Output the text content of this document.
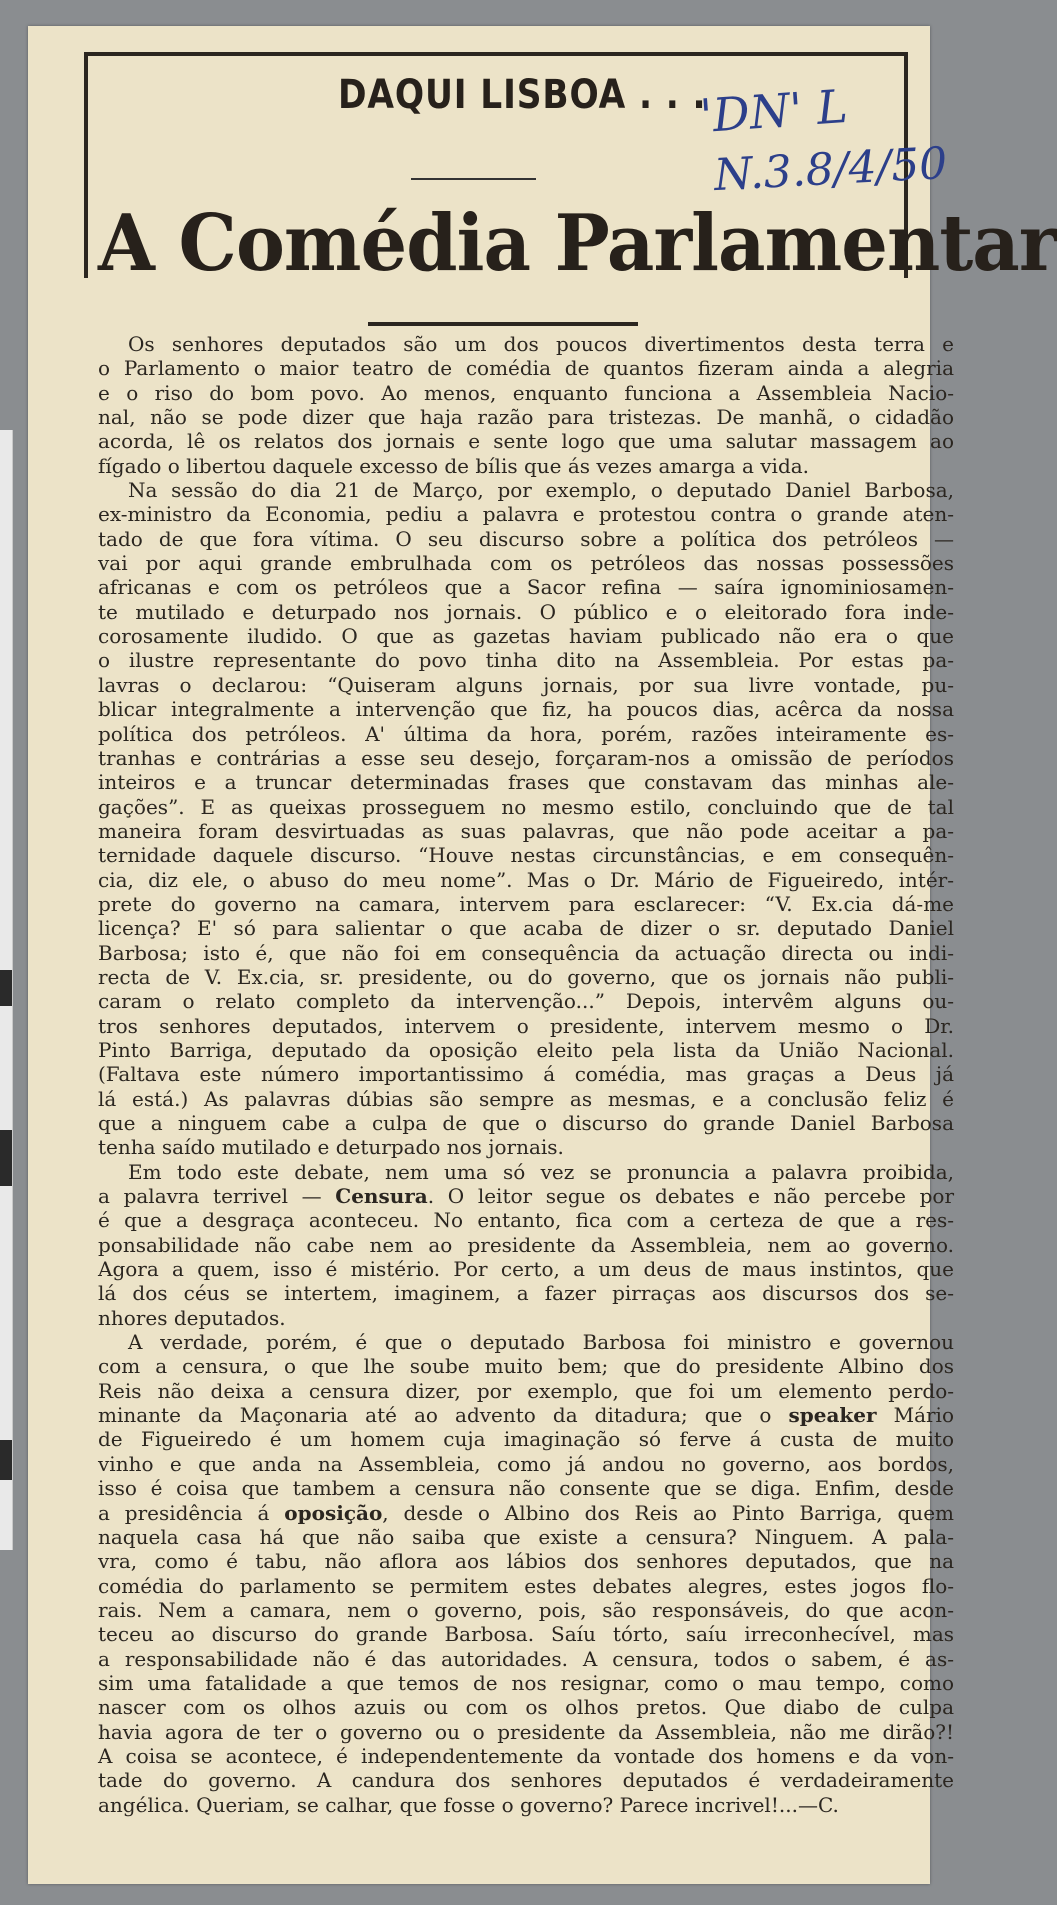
DAQUI LISBOA . . .
'DN' L
N.3.8/4/50
A Comédia Parlamentar

Os senhores deputados são um dos poucos divertimentos desta terra e
o Parlamento o maior teatro de comédia de quantos fizeram ainda a alegria
e o riso do bom povo. Ao menos, enquanto funciona a Assembleia Nacio-
nal, não se pode dizer que haja razão para tristezas. De manhã, o cidadão
acorda, lê os relatos dos jornais e sente logo que uma salutar massagem ao
fígado o libertou daquele excesso de bílis que ás vezes amarga a vida.

Na sessão do dia 21 de Março, por exemplo, o deputado Daniel Barbosa,
ex-ministro da Economia, pediu a palavra e protestou contra o grande aten-
tado de que fora vítima. O seu discurso sobre a política dos petróleos —
vai por aqui grande embrulhada com os petróleos das nossas possessões
africanas e com os petróleos que a Sacor refina — saíra ignominiosamen-
te mutilado e deturpado nos jornais. O público e o eleitorado fora inde-
corosamente iludido. O que as gazetas haviam publicado não era o que
o ilustre representante do povo tinha dito na Assembleia. Por estas pa-
lavras o declarou: “Quiseram alguns jornais, por sua livre vontade, pu-
blicar integralmente a intervenção que fiz, ha poucos dias, acêrca da nossa
política dos petróleos. A' última da hora, porém, razões inteiramente es-
tranhas e contrárias a esse seu desejo, forçaram-nos a omissão de períodos
inteiros e a truncar determinadas frases que constavam das minhas ale-
gações”. E as queixas prosseguem no mesmo estilo, concluindo que de tal
maneira foram desvirtuadas as suas palavras, que não pode aceitar a pa-
ternidade daquele discurso. “Houve nestas circunstâncias, e em consequên-
cia, diz ele, o abuso do meu nome”. Mas o Dr. Mário de Figueiredo, intér-
prete do governo na camara, intervem para esclarecer: “V. Ex.cia dá-me
licença? E' só para salientar o que acaba de dizer o sr. deputado Daniel
Barbosa; isto é, que não foi em consequência da actuação directa ou indi-
recta de V. Ex.cia, sr. presidente, ou do governo, que os jornais não publi-
caram o relato completo da intervenção...” Depois, intervêm alguns ou-
tros senhores deputados, intervem o presidente, intervem mesmo o Dr.
Pinto Barriga, deputado da oposição eleito pela lista da União Nacional.
(Faltava este número importantissimo á comédia, mas graças a Deus já
lá está.) As palavras dúbias são sempre as mesmas, e a conclusão feliz é
que a ninguem cabe a culpa de que o discurso do grande Daniel Barbosa
tenha saído mutilado e deturpado nos jornais.

Em todo este debate, nem uma só vez se pronuncia a palavra proibida,
a palavra terrivel — Censura. O leitor segue os debates e não percebe por
é que a desgraça aconteceu. No entanto, fica com a certeza de que a res-
ponsabilidade não cabe nem ao presidente da Assembleia, nem ao governo.
Agora a quem, isso é mistério. Por certo, a um deus de maus instintos, que
lá dos céus se intertem, imaginem, a fazer pirraças aos discursos dos se-
nhores deputados.

A verdade, porém, é que o deputado Barbosa foi ministro e governou
com a censura, o que lhe soube muito bem; que do presidente Albino dos
Reis não deixa a censura dizer, por exemplo, que foi um elemento perdo-
minante da Maçonaria até ao advento da ditadura; que o speaker Mário
de Figueiredo é um homem cuja imaginação só ferve á custa de muito
vinho e que anda na Assembleia, como já andou no governo, aos bordos,
isso é coisa que tambem a censura não consente que se diga. Enfim, desde
a presidência á oposição, desde o Albino dos Reis ao Pinto Barriga, quem
naquela casa há que não saiba que existe a censura? Ninguem. A pala-
vra, como é tabu, não aflora aos lábios dos senhores deputados, que na
comédia do parlamento se permitem estes debates alegres, estes jogos flo-
rais. Nem a camara, nem o governo, pois, são responsáveis, do que acon-
teceu ao discurso do grande Barbosa. Saíu tórto, saíu irreconhecível, mas
a responsabilidade não é das autoridades. A censura, todos o sabem, é as-
sim uma fatalidade a que temos de nos resignar, como o mau tempo, como
nascer com os olhos azuis ou com os olhos pretos. Que diabo de culpa
havia agora de ter o governo ou o presidente da Assembleia, não me dirão?!
A coisa se acontece, é independentemente da vontade dos homens e da von-
tade do governo. A candura dos senhores deputados é verdadeiramente
angélica. Queriam, se calhar, que fosse o governo? Parece incrivel!...—C.
